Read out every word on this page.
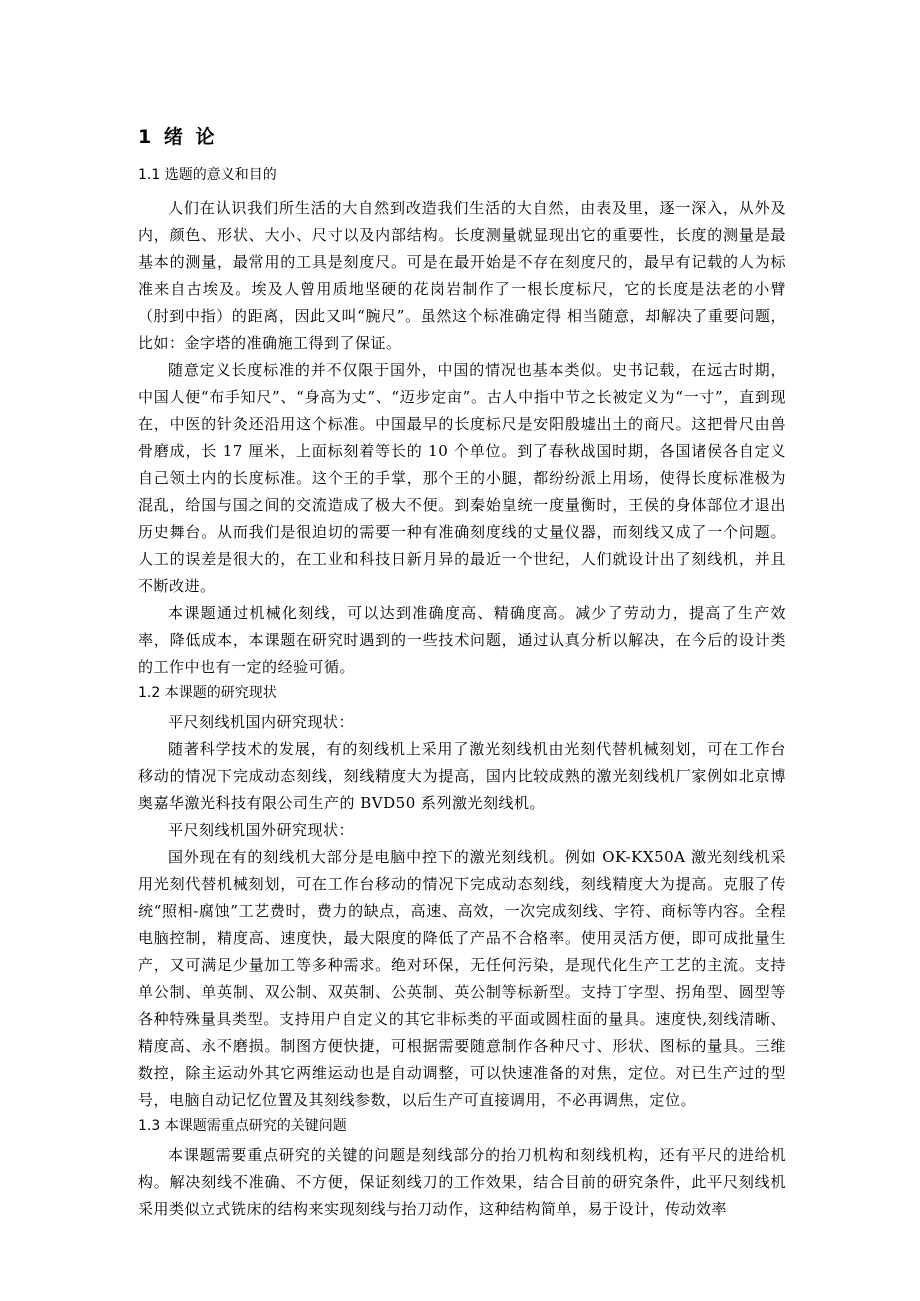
1 绪 论
1.1 选题的意义和目的

人们在认识我们所生活的大自然到改造我们生活的大自然，由表及里，逐一深入，从外及内，颜色、形状、大小、尺寸以及内部结构。长度测量就显现出它的重要性，长度的测量是最基本的测量，最常用的工具是刻度尺。可是在最开始是不存在刻度尺的，最早有记载的人为标准来自古埃及。埃及人曾用质地坚硬的花岗岩制作了一根长度标尺，它的长度是法老的小臂（肘到中指）的距离，因此又叫“腕尺”。虽然这个标准确定得 相当随意，却解决了重要问题，比如：金字塔的准确施工得到了保证。

随意定义长度标准的并不仅限于国外，中国的情况也基本类似。史书记载，在远古时期，中国人便“布手知尺”、“身高为丈”、“迈步定亩”。古人中指中节之长被定义为“一寸”，直到现在，中医的针灸还沿用这个标准。中国最早的长度标尺是安阳殷墟出土的商尺。这把骨尺由兽骨磨成，长 17 厘米，上面标刻着等长的 10 个单位。到了春秋战国时期，各国诸侯各自定义自己领土内的长度标准。这个王的手掌，那个王的小腿，都纷纷派上用场，使得长度标准极为混乱，给国与国之间的交流造成了极大不便。到秦始皇统一度量衡时，王侯的身体部位才退出历史舞台。从而我们是很迫切的需要一种有准确刻度线的丈量仪器，而刻线又成了一个问题。人工的误差是很大的，在工业和科技日新月异的最近一个世纪，人们就设计出了刻线机，并且不断改进。

本课题通过机械化刻线，可以达到准确度高、精确度高。减少了劳动力，提高了生产效率，降低成本，本课题在研究时遇到的一些技术问题，通过认真分析以解决，在今后的设计类的工作中也有一定的经验可循。

1.2 本课题的研究现状

平尺刻线机国内研究现状：

随著科学技术的发展，有的刻线机上采用了激光刻线机由光刻代替机械刻划，可在工作台移动的情况下完成动态刻线，刻线精度大为提高，国内比较成熟的激光刻线机厂家例如北京博奥嘉华激光科技有限公司生产的 BVD50 系列激光刻线机。

平尺刻线机国外研究现状：

国外现在有的刻线机大部分是电脑中控下的激光刻线机。例如 OK-KX50A 激光刻线机采用光刻代替机械刻划，可在工作台移动的情况下完成动态刻线，刻线精度大为提高。克服了传统“照相-腐蚀”工艺费时，费力的缺点，高速、高效，一次完成刻线、字符、商标等内容。全程电脑控制，精度高、速度快，最大限度的降低了产品不合格率。使用灵活方便，即可成批量生产，又可满足少量加工等多种需求。绝对环保，无任何污染，是现代化生产工艺的主流。支持单公制、单英制、双公制、双英制、公英制、英公制等标新型。支持丁字型、拐角型、圆型等各种特殊量具类型。支持用户自定义的其它非标类的平面或圆柱面的量具。速度快,刻线清晰、精度高、永不磨损。制图方便快捷，可根据需要随意制作各种尺寸、形状、图标的量具。三维数控，除主运动外其它两维运动也是自动调整，可以快速准备的对焦，定位。对已生产过的型号，电脑自动记忆位置及其刻线参数，以后生产可直接调用，不必再调焦，定位。

1.3 本课题需重点研究的关键问题

本课题需要重点研究的关键的问题是刻线部分的抬刀机构和刻线机构，还有平尺的进给机构。解决刻线不准确、不方便，保证刻线刀的工作效果，结合目前的研究条件，此平尺刻线机采用类似立式铣床的结构来实现刻线与抬刀动作，这种结构简单，易于设计，传动效率
